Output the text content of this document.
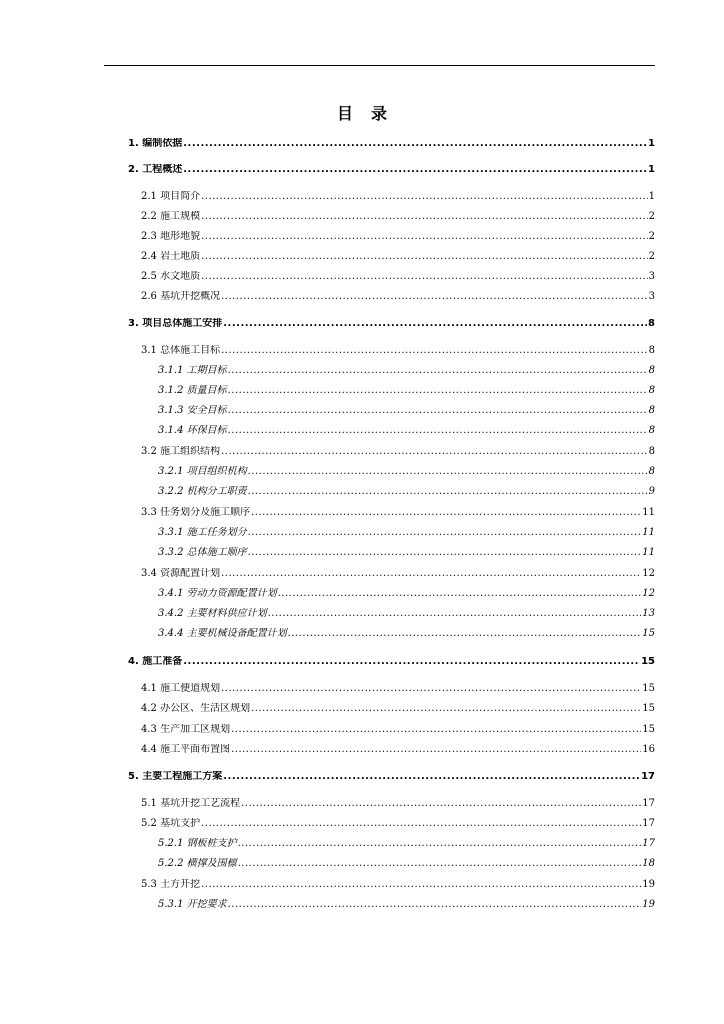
目 录
1. 编制依据 .....	1
2. 工程概述 .....	1
2.1 项目简介 .....	1
2.2 施工规模 .....	2
2.3 地形地貌 .....	2
2.4 岩土地质 .....	2
2.5 水文地质 .....	3
2.6 基坑开挖概况 .....	3
3. 项目总体施工安排 .....	8
3.1 总体施工目标 .....	8
3.1.1 工期目标 .....	8
3.1.2 质量目标 .....	8
3.1.3 安全目标 .....	8
3.1.4 环保目标 .....	8
3.2 施工组织结构 .....	8
3.2.1 项目组织机构 .....	8
3.2.2 机构分工职责 .....	9
3.3 任务划分及施工顺序 .....	11
3.3.1 施工任务划分 .....	11
3.3.2 总体施工顺序 .....	11
3.4 资源配置计划 .....	12
3.4.1 劳动力资源配置计划 .....	12
3.4.2 主要材料供应计划 .....	13
3.4.4 主要机械设备配置计划 .....	15
4. 施工准备 .....	15
4.1 施工便道规划 .....	15
4.2 办公区、生活区规划 .....	15
4.3 生产加工区规划 .....	15
4.4 施工平面布置图 .....	16
5. 主要工程施工方案 .....	17
5.1 基坑开挖工艺流程 .....	17
5.2 基坑支护 .....	17
5.2.1 钢板桩支护 .....	17
5.2.2 横撑及围檩 .....	18
5.3 土方开挖 .....	19
5.3.1 开挖要求 .....	19
